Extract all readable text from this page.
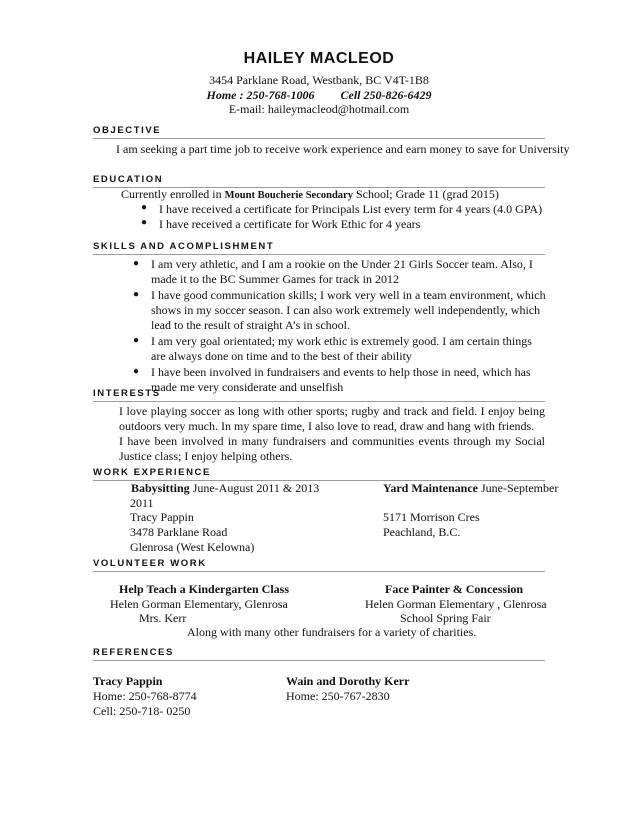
HAILEY MACLEOD
3454 Parklane Road, Westbank, BC V4T-1B8
Home : 250-768-1006 Cell 250-826-6429
E-mail: haileymacleod@hotmail.com
OBJECTIVE
I am seeking a part time job to receive work experience and earn money to save for University
EDUCATION
Currently enrolled in Mount Boucherie Secondary School; Grade 11 (grad 2015)
● I have received a certificate for Principals List every term for 4 years (4.0 GPA)
● I have received a certificate for Work Ethic for 4 years
SKILLS AND ACOMPLISHMENT
● I am very athletic, and I am a rookie on the Under 21 Girls Soccer team. Also, I made it to the BC Summer Games for track in 2012
● I have good communication skills; I work very well in a team environment, which shows in my soccer season. I can also work extremely well independently, which lead to the result of straight A’s in school.
● I am very goal orientated; my work ethic is extremely good. I am certain things are always done on time and to the best of their ability
● I have been involved in fundraisers and events to help those in need, which has made me very considerate and unselfish
INTERESTS
I love playing soccer as long with other sports; rugby and track and field. I enjoy being outdoors very much. In my spare time, I also love to read, draw and hang with friends.
I have been involved in many fundraisers and communities events through my Social Justice class; I enjoy helping others.
WORK EXPERIENCE
Babysitting June-August 2011 & 2013
2011
Tracy Pappin
3478 Parklane Road
Glenrosa (West Kelowna)
Yard Maintenance June-September
5171 Morrison Cres
Peachland, B.C.
VOLUNTEER WORK
Help Teach a Kindergarten Class
Helen Gorman Elementary, Glenrosa
Mrs. Kerr
Face Painter & Concession
Helen Gorman Elementary , Glenrosa
School Spring Fair
Along with many other fundraisers for a variety of charities.
REFERENCES
Tracy Pappin
Home: 250-768-8774
Cell: 250-718- 0250
Wain and Dorothy Kerr
Home: 250-767-2830
